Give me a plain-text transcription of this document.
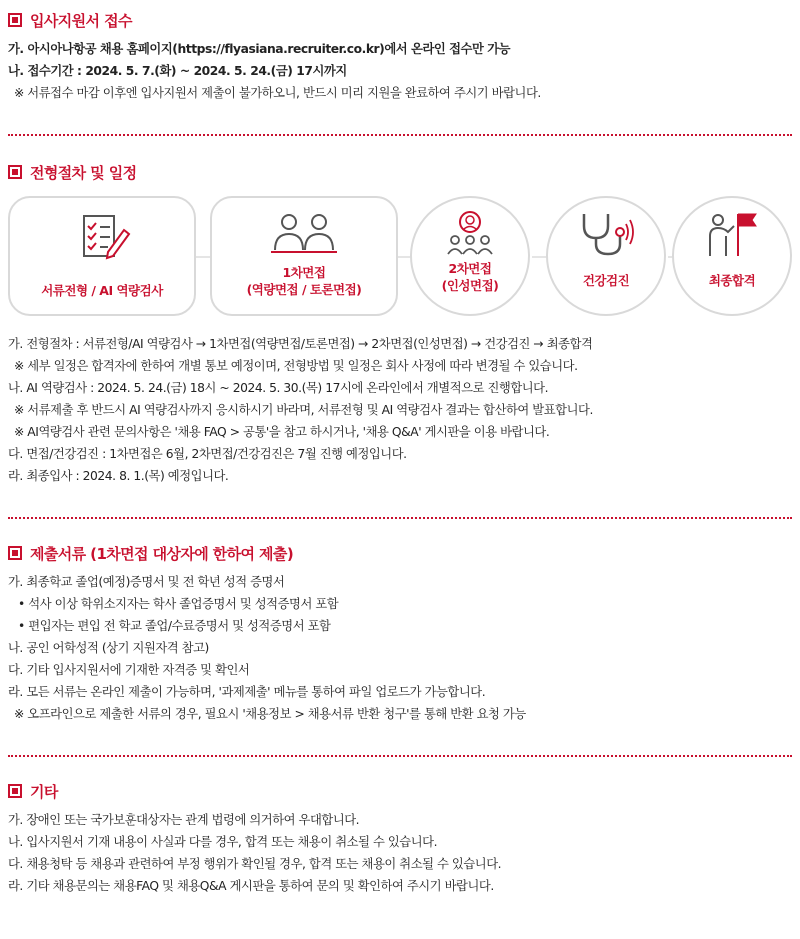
입사지원서 접수
가. 아시아나항공 채용 홈페이지(https://flyasiana.recruiter.co.kr)에서 온라인 접수만 가능
나. 접수기간 : 2024. 5. 7.(화) ~ 2024. 5. 24.(금) 17시까지
※ 서류접수 마감 이후엔 입사지원서 제출이 불가하오니, 반드시 미리 지원을 완료하여 주시기 바랍니다.
전형절차 및 일정
서류전형 / AI 역량검사
1차면접
(역량면접 / 토론면접)
2차면접
(인성면접)	건강검진	최종합격
가. 전형절차 : 서류전형/AI 역량검사 → 1차면접(역량면접/토론면접) → 2차면접(인성면접) → 건강검진 → 최종합격
※ 세부 일정은 합격자에 한하여 개별 통보 예정이며, 전형방법 및 일정은 회사 사정에 따라 변경될 수 있습니다.
나. AI 역량검사 : 2024. 5. 24.(금) 18시 ~ 2024. 5. 30.(목) 17시에 온라인에서 개별적으로 진행합니다.
※ 서류제출 후 반드시 AI 역량검사까지 응시하시기 바라며, 서류전형 및 AI 역량검사 결과는 합산하여 발표합니다.
※ AI역량검사 관련 문의사항은 '채용 FAQ > 공통'을 참고 하시거나, '채용 Q&A' 게시판을 이용 바랍니다.
다. 면접/건강검진 : 1차면접은 6월, 2차면접/건강검진은 7월 진행 예정입니다.
라. 최종입사 : 2024. 8. 1.(목) 예정입니다.
제출서류 (1차면접 대상자에 한하여 제출)
가. 최종학교 졸업(예정)증명서 및 전 학년 성적 증명서
• 석사 이상 학위소지자는 학사 졸업증명서 및 성적증명서 포함
• 편입자는 편입 전 학교 졸업/수료증명서 및 성적증명서 포함
나. 공인 어학성적 (상기 지원자격 참고)
다. 기타 입사지원서에 기재한 자격증 및 확인서
라. 모든 서류는 온라인 제출이 가능하며, '과제제출' 메뉴를 통하여 파일 업로드가 가능합니다.
※ 오프라인으로 제출한 서류의 경우, 필요시 '채용정보 > 채용서류 반환 청구'를 통해 반환 요청 가능
기타
가. 장애인 또는 국가보훈대상자는 관계 법령에 의거하여 우대합니다.
나. 입사지원서 기재 내용이 사실과 다를 경우, 합격 또는 채용이 취소될 수 있습니다.
다. 채용청탁 등 채용과 관련하여 부정 행위가 확인될 경우, 합격 또는 채용이 취소될 수 있습니다.
라. 기타 채용문의는 채용FAQ 및 채용Q&A 게시판을 통하여 문의 및 확인하여 주시기 바랍니다.
